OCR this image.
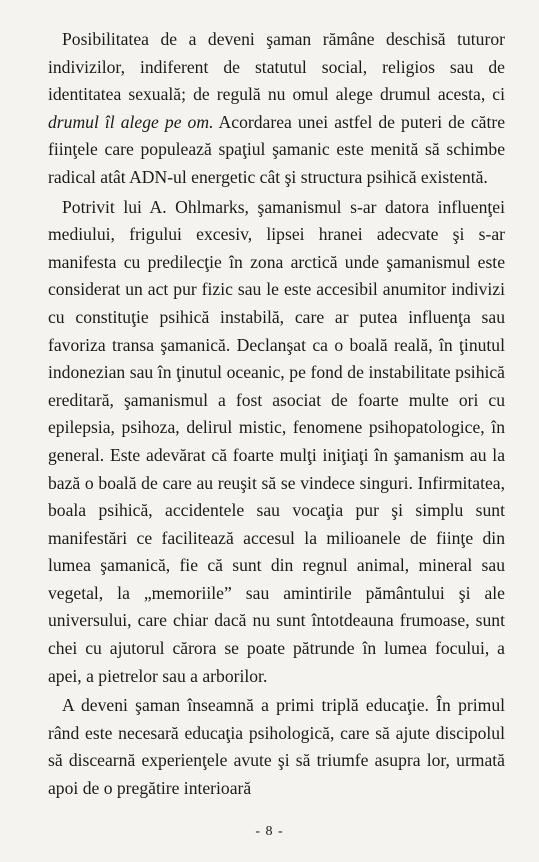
Posibilitatea de a deveni şaman rămâne deschisă tuturor indivizilor, indiferent de statutul social, religios sau de identitatea sexuală; de regulă nu omul alege drumul acesta, ci drumul îl alege pe om. Acordarea unei astfel de puteri de către fiinţele care populează spaţiul şamanic este menită să schimbe radical atât ADN-ul energetic cât şi structura psihică existentă.

Potrivit lui A. Ohlmarks, şamanismul s-ar datora influenţei mediului, frigului excesiv, lipsei hranei adecvate şi s-ar manifesta cu predilecţie în zona arctică unde şamanismul este considerat un act pur fizic sau le este accesibil anumitor indivizi cu constituţie psihică instabilă, care ar putea influenţa sau favoriza transa şamanică. Declanşat ca o boală reală, în ţinutul indonezian sau în ţinutul oceanic, pe fond de instabilitate psihică ereditară, şamanismul a fost asociat de foarte multe ori cu epilepsia, psihoza, delirul mistic, fenomene psihopatologice, în general. Este adevărat că foarte mulţi iniţiaţi în şamanism au la bază o boală de care au reuşit să se vindece singuri. Infirmitatea, boala psihică, accidentele sau vocaţia pur şi simplu sunt manifestări ce facilitează accesul la milioanele de fiinţe din lumea şamanică, fie că sunt din regnul animal, mineral sau vegetal, la „memoriile” sau amintirile pământului şi ale universului, care chiar dacă nu sunt întotdeauna frumoase, sunt chei cu ajutorul cărora se poate pătrunde în lumea focului, a apei, a pietrelor sau a arborilor.

A deveni şaman înseamnă a primi triplă educaţie. În primul rând este necesară educaţia psihologică, care să ajute discipolul să discearnă experienţele avute şi să triumfe asupra lor, urmată apoi de o pregătire interioară

- 8 -
